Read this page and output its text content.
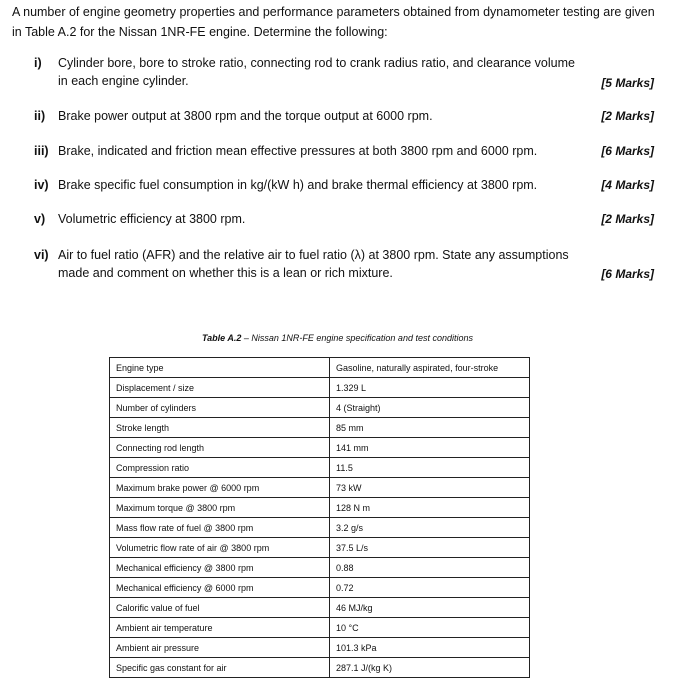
A number of engine geometry properties and performance parameters obtained from dynamometer testing are given in Table A.2 for the Nissan 1NR-FE engine. Determine the following:

i) Cylinder bore, bore to stroke ratio, connecting rod to crank radius ratio, and clearance volume in each engine cylinder.	[5 Marks]
ii) Brake power output at 3800 rpm and the torque output at 6000 rpm.	[2 Marks]
iii) Brake, indicated and friction mean effective pressures at both 3800 rpm and 6000 rpm.	[6 Marks]
iv) Brake specific fuel consumption in kg/(kW h) and brake thermal efficiency at 3800 rpm.	[4 Marks]
v) Volumetric efficiency at 3800 rpm.	[2 Marks]
vi) Air to fuel ratio (AFR) and the relative air to fuel ratio (λ) at 3800 rpm. State any assumptions made and comment on whether this is a lean or rich mixture.	[6 Marks]
Table A.2 – Nissan 1NR-FE engine specification and test conditions
Engine type	Gasoline, naturally aspirated, four-stroke
Displacement / size	1.329 L
Number of cylinders	4 (Straight)
Stroke length	85 mm
Connecting rod length	141 mm
Compression ratio	11.5
Maximum brake power @ 6000 rpm	73 kW
Maximum torque @ 3800 rpm	128 N m
Mass flow rate of fuel @ 3800 rpm	3.2 g/s
Volumetric flow rate of air @ 3800 rpm	37.5 L/s
Mechanical efficiency @ 3800 rpm	0.88
Mechanical efficiency @ 6000 rpm	0.72
Calorific value of fuel	46 MJ/kg
Ambient air temperature	10 °C
Ambient air pressure	101.3 kPa
Specific gas constant for air	287.1 J/(kg K)
